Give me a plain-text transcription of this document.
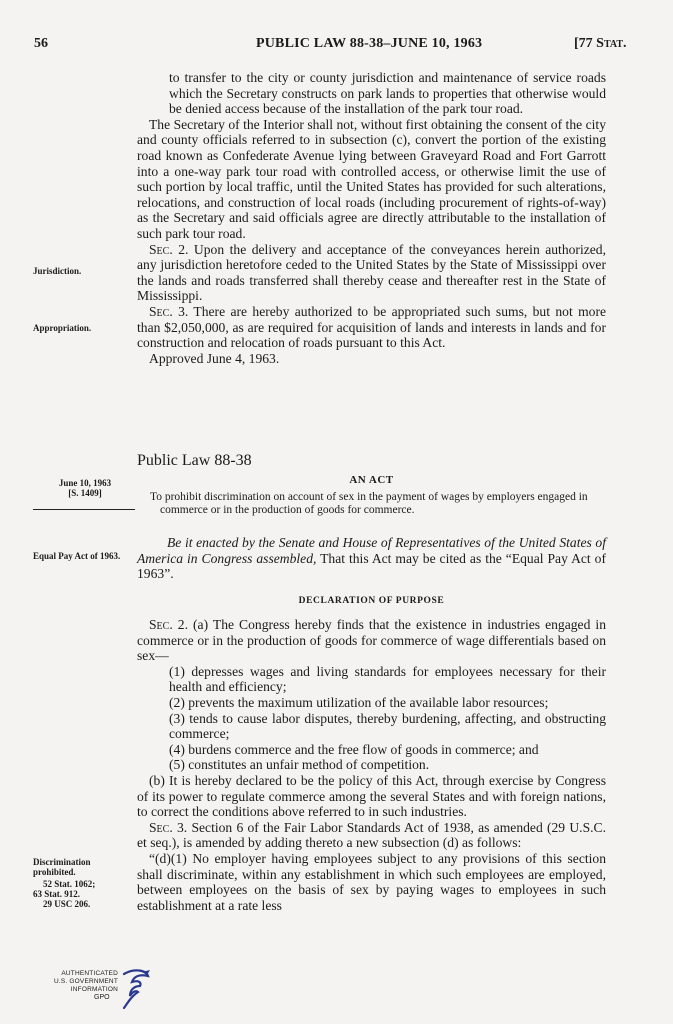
56	PUBLIC LAW 88-38–JUNE 10, 1963	[77 Stat.

to transfer to the city or county jurisdiction and maintenance of service roads which the Secretary constructs on park lands to properties that otherwise would be denied access because of the installation of the park tour road.

The Secretary of the Interior shall not, without first obtaining the consent of the city and county officials referred to in subsection (c), convert the portion of the existing road known as Confederate Avenue lying between Graveyard Road and Fort Garrott into a one-way park tour road with controlled access, or otherwise limit the use of such portion by local traffic, until the United States has provided for such alterations, relocations, and construction of local roads (including procurement of rights-of-way) as the Secretary and said officials agree are directly attributable to the installation of such park tour road.

Sec. 2. Upon the delivery and acceptance of the conveyances herein authorized, any jurisdiction heretofore ceded to the United States by the State of Mississippi over the lands and roads transferred shall thereby cease and thereafter rest in the State of Mississippi.

Sec. 3. There are hereby authorized to be appropriated such sums, but not more than $2,050,000, as are required for acquisition of lands and interests in lands and for construction and relocation of roads pursuant to this Act.

Approved June 4, 1963.

Jurisdiction.
Appropriation.
Public Law 88-38
AN ACT
June 10, 1963
[S. 1409]	To prohibit discrimination on account of sex in the payment of wages by employers engaged in commerce or in the production of goods for commerce.
Equal Pay Act of 1963.

Be it enacted by the Senate and House of Representatives of the United States of America in Congress assembled, That this Act may be cited as the “Equal Pay Act of 1963”.

DECLARATION OF PURPOSE

Sec. 2. (a) The Congress hereby finds that the existence in industries engaged in commerce or in the production of goods for commerce of wage differentials based on sex—

(1) depresses wages and living standards for employees necessary for their health and efficiency;

(2) prevents the maximum utilization of the available labor resources;

(3) tends to cause labor disputes, thereby burdening, affecting, and obstructing commerce;

(4) burdens commerce and the free flow of goods in commerce; and

(5) constitutes an unfair method of competition.

(b) It is hereby declared to be the policy of this Act, through exercise by Congress of its power to regulate commerce among the several States and with foreign nations, to correct the conditions above referred to in such industries.

Sec. 3. Section 6 of the Fair Labor Standards Act of 1938, as amended (29 U.S.C. et seq.), is amended by adding thereto a new subsection (d) as follows:

“(d)(1) No employer having employees subject to any provisions of this section shall discriminate, within any establishment in which such employees are employed, between employees on the basis of sex by paying wages to employees in such establishment at a rate less

Discrimination prohibited.
52 Stat. 1062;
63 Stat. 912.
29 USC 206.
AUTHENTICATED
U.S. GOVERNMENT
INFORMATION
GPO
